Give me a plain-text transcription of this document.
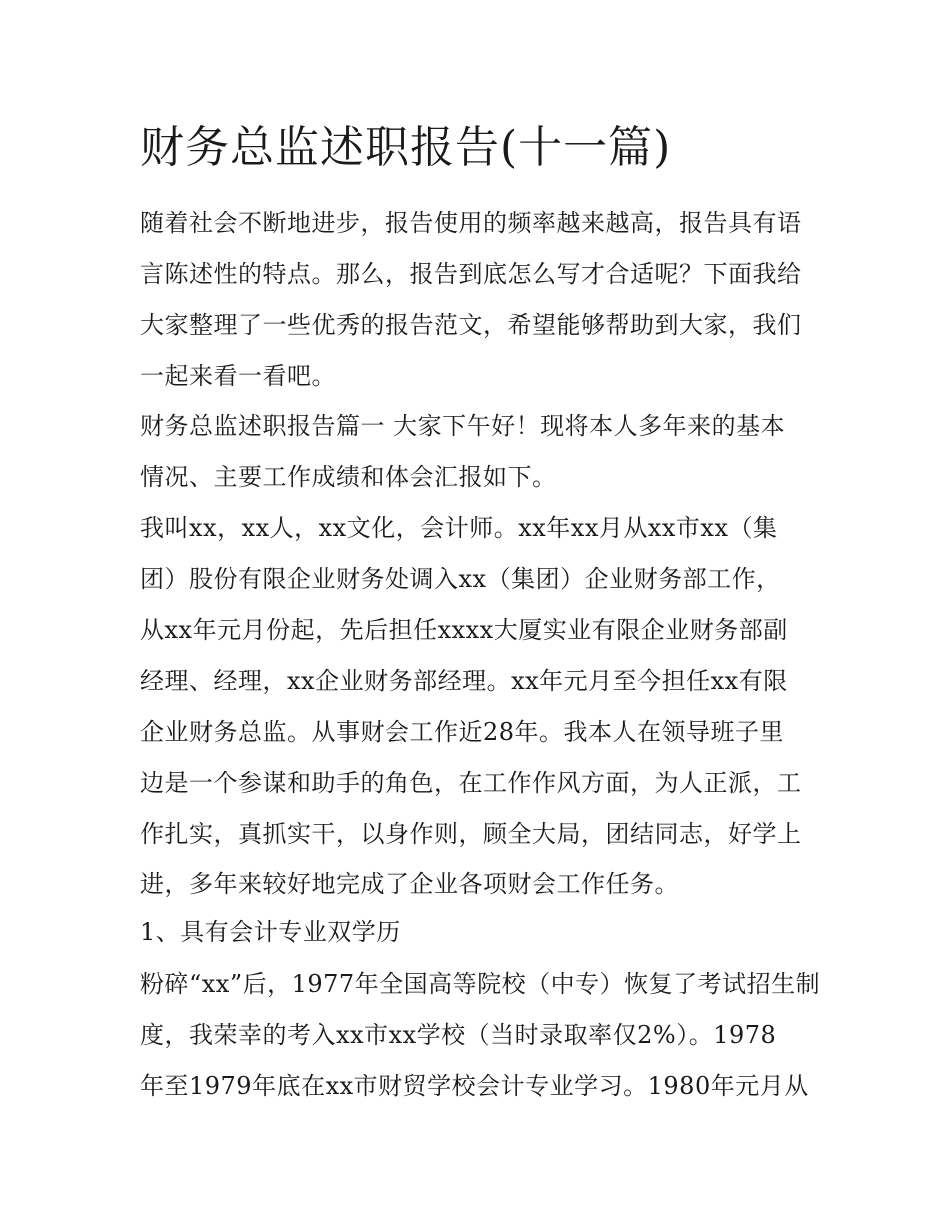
财务总监述职报告(十一篇)

随着社会不断地进步，报告使用的频率越来越高，报告具有语

言陈述性的特点。那么，报告到底怎么写才合适呢？下面我给

大家整理了一些优秀的报告范文，希望能够帮助到大家，我们

一起来看一看吧。

财务总监述职报告篇一 大家下午好！现将本人多年来的基本

情况、主要工作成绩和体会汇报如下。

我叫xx，xx人，xx文化，会计师。xx年xx月从xx市xx（集

团）股份有限企业财务处调入xx（集团）企业财务部工作，

从xx年元月份起，先后担任xxxx大厦实业有限企业财务部副

经理、经理，xx企业财务部经理。xx年元月至今担任xx有限

企业财务总监。从事财会工作近28年。我本人在领导班子里

边是一个参谋和助手的角色，在工作作风方面，为人正派，工

作扎实，真抓实干，以身作则，顾全大局，团结同志，好学上

进，多年来较好地完成了企业各项财会工作任务。

1、具有会计专业双学历

粉碎“xx”后，1977年全国高等院校（中专）恢复了考试招生制

度，我荣幸的考入xx市xx学校（当时录取率仅2%）。1978

年至1979年底在xx市财贸学校会计专业学习。1980年元月从
